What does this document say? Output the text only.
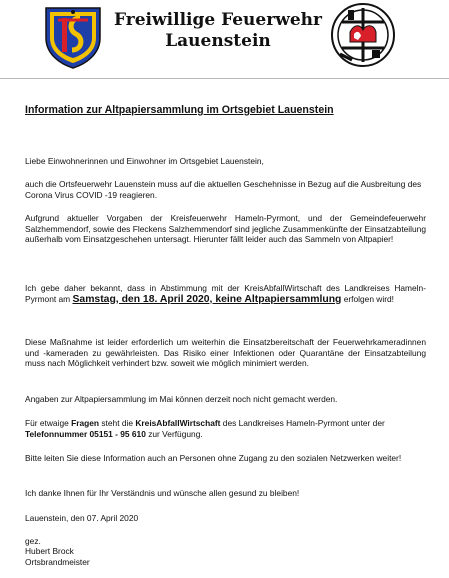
Freiwillige Feuerwehr
Lauenstein
Information zur Altpapiersammlung im Ortsgebiet Lauenstein

Liebe Einwohnerinnen und Einwohner im Ortsgebiet Lauenstein,

auch die Ortsfeuerwehr Lauenstein muss auf die aktuellen Geschehnisse in Bezug auf die Ausbreitung des Corona Virus COVID -19 reagieren.

Aufgrund aktueller Vorgaben der Kreisfeuerwehr Hameln-Pyrmont, und der Gemeindefeuerwehr Salzhemmendorf, sowie des Fleckens Salzhemmendorf sind jegliche Zusammenkünfte der Einsatzabteilung außerhalb vom Einsatzgeschehen untersagt. Hierunter fällt leider auch das Sammeln von Altpapier!

Ich gebe daher bekannt, dass in Abstimmung mit der KreisAbfallWirtschaft des Landkreises Hameln-Pyrmont am Samstag, den 18. April 2020, keine Altpapiersammlung erfolgen wird!

Diese Maßnahme ist leider erforderlich um weiterhin die Einsatzbereitschaft der Feuerwehrkameradinnen und -kameraden zu gewährleisten. Das Risiko einer Infektionen oder Quarantäne der Einsatzabteilung muss nach Möglichkeit verhindert bzw. soweit wie möglich minimiert werden.

Angaben zur Altpapiersammlung im Mai können derzeit noch nicht gemacht werden.

Für etwaige Fragen steht die KreisAbfallWirtschaft des Landkreises Hameln-Pyrmont unter der Telefonnummer 05151 - 95 610 zur Verfügung.

Bitte leiten Sie diese Information auch an Personen ohne Zugang zu den sozialen Netzwerken weiter!

Ich danke Ihnen für Ihr Verständnis und wünsche allen gesund zu bleiben!

Lauenstein, den 07. April 2020

gez.

Hubert Brock

Ortsbrandmeister
